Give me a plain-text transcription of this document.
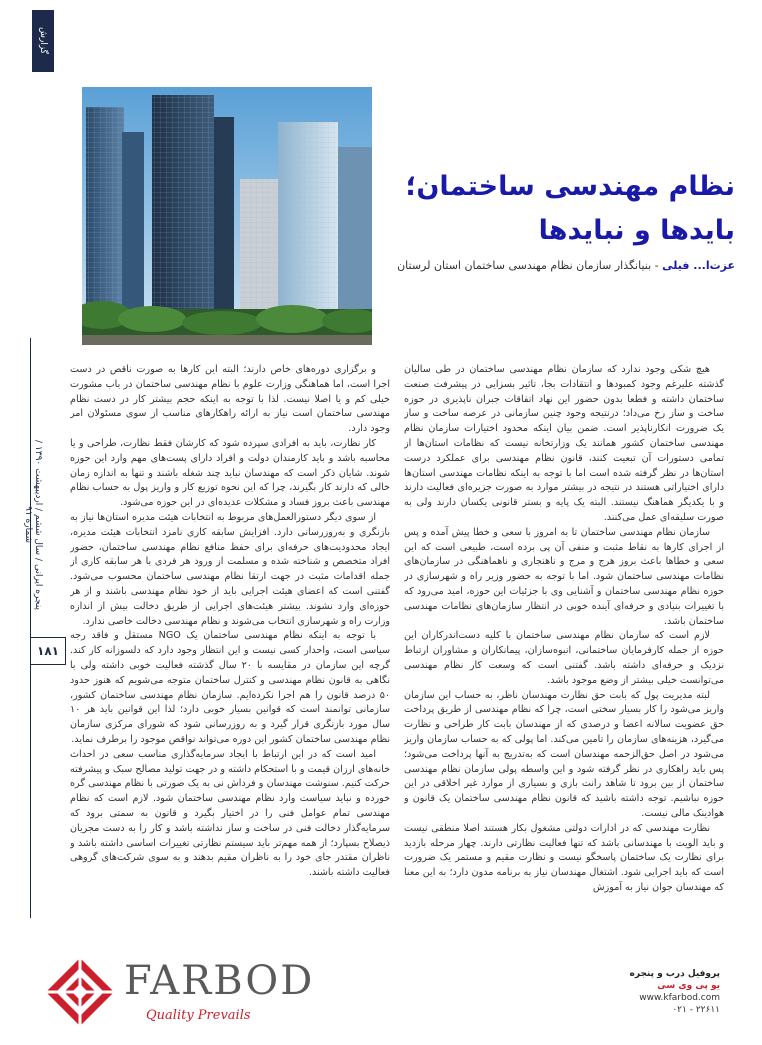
گزارش
نظام مهندسی ساختمان؛
بایدها و نبایدها
عزت‌ا... فیلی - بنیانگذار سازمان نظام مهندسی ساختمان استان لرستان

هیچ شکی وجود ندارد که سازمان نظام مهندسی ساختمان در طی سالیان گذشته علیرغم وجود کمبودها و انتقادات بجا، تاثیر بسزایی در پیشرفت صنعت ساختمان داشته و فطعا بدون حضور این نهاد اتفاقات جبران ناپذیری در حوزه ساخت و ساز رخ می‌داد؛ درنتیجه وجود چنین سازمانی در عرصه ساخت و ساز یک ضرورت انکارناپذیر است. ضمن بیان اینکه محدود اختیارات سازمان نظام مهندسی ساختمان کشور همانند یک وزارتخانه نیست که نظامات استان‌ها از تمامی دستورات آن تبعیت کنند، قانون نظام مهندسی برای عملکرد درست استان‌ها در نظر گرفته شده است اما با توجه به اینکه نظامات مهندسی استان‌ها دارای اختیاراتی هستند در نتیجه در بیشتر موارد به صورت جزیره‌ای فعالیت دارند و با یکدیگر هماهنگ نیستند. البته یک پایه و بستر قانونی یکسان دارند ولی به صورت سلیقه‌ای عمل می‌کنند.

سازمان نظام مهندسی ساختمان تا به امروز با سعی و خطا پیش آمده و پس از اجرای کارها به نقاط مثبت و منفی آن پی برده است، طبیعی است که این سعی و خطاها باعث بروز هرج و مرج و ناهنجاری و ناهماهنگی در سازمان‌های نظامات مهندسی ساختمان شود. اما با توجه به حضور وزیر راه و شهرسازی در حوزه نظام مهندسی ساختمان و آشنایی وی با جزئیات این حوزه، امید می‌رود که با تغییرات بنیادی و حرفه‌ای آینده خوبی در انتظار سازمان‌های نظامات مهندسی ساختمان باشد.

لازم است که سازمان نظام مهندسی ساختمان با کلیه دست‌اندرکاران این حوزه از جمله کارفرمایان ساختمانی، انبوه‌سازان، پیمانکاران و مشاوران ارتباط نزدیک و حرفه‌ای داشته باشد. گفتنی است که وسعت کار نظام مهندسی می‌توانست خیلی بیشتر از وضع موجود باشد.

لبته مدیریت پول که بابت حق نظارت مهندسان ناظر، به حساب این سازمان واریز می‌شود را کار بسیار سختی است، چرا که نظام مهندسی از طریق پرداخت حق عضویت سالانه اعضا و درصدی که از مهندسان بابت کار طراحی و نظارت می‌گیرد، هزینه‌های سازمان را تامین می‌کند. اما پولی که به حساب سازمان واریز می‌شود در اصل حق‌الزحمه مهندسان است که به‌تدریج به آنها پرداخت می‌شود؛ پس باید راهکاری در نظر گرفته شود و این واسطه پولی سازمان نظام مهندسی ساختمان از بین برود تا شاهد رانت بازی و بسیاری از موارد غیر اخلاقی در این حوزه نباشیم. توجه داشته باشید که قانون نظام مهندسی ساختمان یک قانون و هوادینک مالی نیست.

نظارت مهندسی که در ادارات دولتی مشغول بکار هستند اصلا منطقی نیست و باید الویت با مهندسانی باشد که تنها فعالیت نظارتی دارند. چهار مرحله بازدید برای نظارت یک ساختمان پاسخگو نیست و نظارت مقیم و مستمر یک ضرورت است که باید اجرایی شود. اشتغال مهندسان نیاز به برنامه مدون دارد؛ به این معنا که مهندسان جوان نیاز به آموزش

و برگزاری دوره‌های خاص دارند؛ البته این کارها به صورت ناقص در دست اجرا است، اما هماهنگی وزارت علوم با نظام مهندسی ساختمان در باب مشورت خیلی کم و یا اصلا نیست. لذا با توجه به اینکه حجم بیشتر کار در دست نظام مهندسی ساختمان است نیاز به ارائه راهکارهای مناسب از سوی مسئولان امر وجود دارد.

کار نظارت، باید به افرادی سپرده شود که کارشان فقط نظارت، طراحی و یا محاسبه باشد و باید کارمندان دولت و افراد دارای پست‌های مهم وارد این حوزه شوند. شایان ذکر است که مهندسان نباید چند شغله باشند و تنها به اندازه زمان خالی که دارند کار بگیرند، چرا که این نحوه توزیع کار و واریز پول به حساب نظام مهندسی باعث بروز فساد و مشکلات عدیده‌ای در این حوزه می‌شود.

از سوی دیگر دستورالعمل‌های مربوط به انتخابات هیئت مدیره استان‌ها نیاز به بازنگری و به‌روزرسانی دارد. افزایش سابقه کاری نامزد انتخابات هیئت مدیره، ایجاد محدودیت‌های حرفه‌ای برای حفظ منافع نظام مهندسی ساختمان، حضور افراد متخصص و شناخته شده و مسلمت از ورود هر فردی با هر سابقه کاری از جمله اقدامات مثبت در جهت ارتقا نظام مهندسی ساختمان محسوب می‌شود. گفتنی است که اعضای هیئت اجرایی باید از خود نظام مهندسی باشند و از هر حوزه‌ای وارد نشوند. بیشتر هیئت‌های اجرایی از طریق دخالت بیش از اندازه وزارت راه و شهرسازی انتخاب می‌شوند و نظام مهندسی دخالت خاصی ندارد.

با توجه به اینکه نظام مهندسی ساختمان یک NGO مستقل و فاقد رجه سیاسی است، واحدار کسی نیست و این انتظار وجود دارد که دلسوزانه کار کند. گرچه این سازمان در مقایسه با ۲۰ سال گذشته فعالیت خوبی داشته ولی با نگاهی به قانون نظام مهندسی و کنترل ساختمان متوجه می‌شویم که هنوز حدود ۵۰ درصد قانون را هم اجرا نکرده‌ایم. سازمان نظام مهندسی ساختمان کشور، سازمانی توانمند است که قوانین بسیار خوبی دارد؛ لذا این قوانین باید هر ۱۰ سال مورد بازنگری قرار گیرد و به روزرسانی شود که شورای مرکزی سازمان نظام مهندسی ساختمان کشور این دوره می‌تواند نواقص موجود را برطرف نماید.

امید است که در این ارتباط با ایجاد سرمایه‌گذاری مناسب سعی در احداث خانه‌های ارزان قیمت و با استحکام داشته و در جهت تولید مصالح سبک و پیشرفته حرکت کنیم. سنوشت مهندسان و فرداش نی به یک صورتی با نظام مهندسی گره خورده و نباید سیاست وارد نظام مهندسی ساختمان شود. لازم است که نظام مهندسی تمام عوامل فنی را در اختیار بگیرد و قانون به سمتی برود که سرمایه‌گذار دخالت فنی در ساخت و ساز نداشته باشد و کار را به دست مجریان ذیصلاح بسپارد؛ از همه مهم‌تر باید سیستم نظارتی تغییرات اساسی داشته باشد و ناظران مقتدر جای خود را به ناظران مقیم بدهند و به سوی شرکت‌های گروهی فعالیت داشته باشند.

پنجره ایرانی / سال ششم / اردیبهشت ۱۳۹۰ / شماره ۹۱
۱۸۱
FARBOD
Quality Prevails
پروفیل درب و پنجره
یو پی وی سی
www.kfarbod.com
۰۲۱ - ۲۲۶۱۱
